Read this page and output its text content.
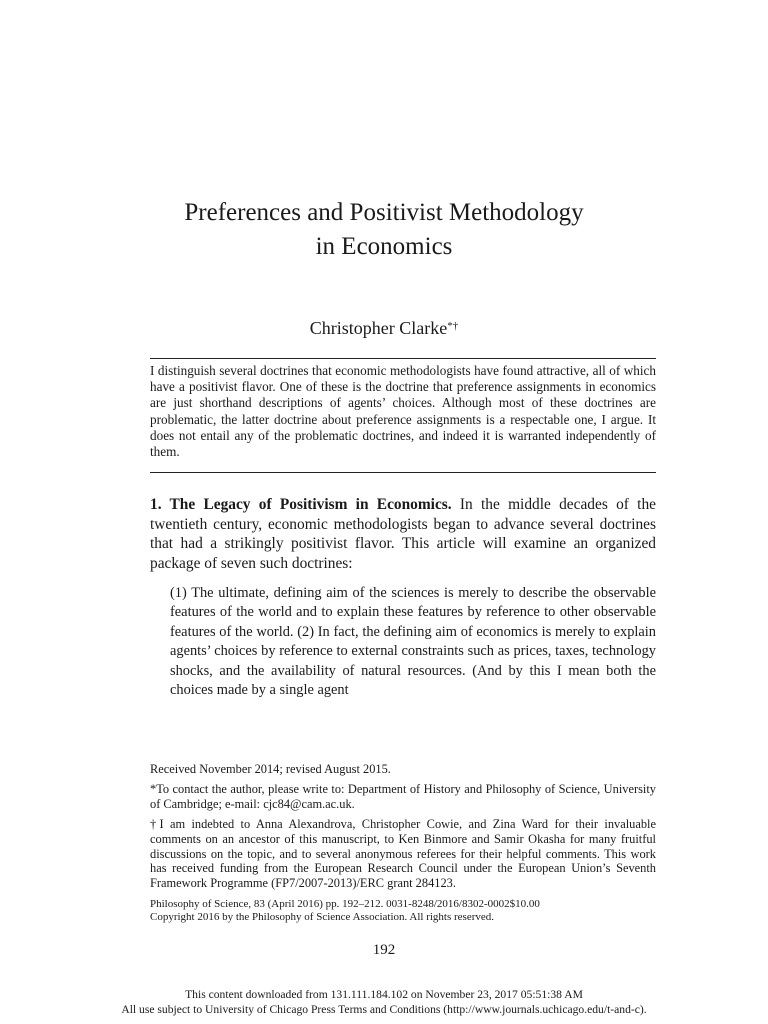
Preferences and Positivist Methodology
in Economics
Christopher Clarke*†

I distinguish several doctrines that economic methodologists have found attractive, all of which have a positivist flavor. One of these is the doctrine that preference assignments in economics are just shorthand descriptions of agents’ choices. Although most of these doctrines are problematic, the latter doctrine about preference assignments is a respectable one, I argue. It does not entail any of the problematic doctrines, and indeed it is warranted independently of them.

1. The Legacy of Positivism in Economics. In the middle decades of the twentieth century, economic methodologists began to advance several doctrines that had a strikingly positivist flavor. This article will examine an organized package of seven such doctrines:

(1) The ultimate, defining aim of the sciences is merely to describe the observable features of the world and to explain these features by reference to other observable features of the world. (2) In fact, the defining aim of economics is merely to explain agents’ choices by reference to external constraints such as prices, taxes, technology shocks, and the availability of natural resources. (And by this I mean both the choices made by a single agent

Received November 2014; revised August 2015.

*To contact the author, please write to: Department of History and Philosophy of Science, University of Cambridge; e-mail: cjc84@cam.ac.uk.

†I am indebted to Anna Alexandrova, Christopher Cowie, and Zina Ward for their invaluable comments on an ancestor of this manuscript, to Ken Binmore and Samir Okasha for many fruitful discussions on the topic, and to several anonymous referees for their helpful comments. This work has received funding from the European Research Council under the European Union’s Seventh Framework Programme (FP7/2007-2013)/ERC grant 284123.

Philosophy of Science, 83 (April 2016) pp. 192–212. 0031-8248/2016/8302-0002$10.00
Copyright 2016 by the Philosophy of Science Association. All rights reserved.
192
This content downloaded from 131.111.184.102 on November 23, 2017 05:51:38 AM
All use subject to University of Chicago Press Terms and Conditions (http://www.journals.uchicago.edu/t-and-c).
